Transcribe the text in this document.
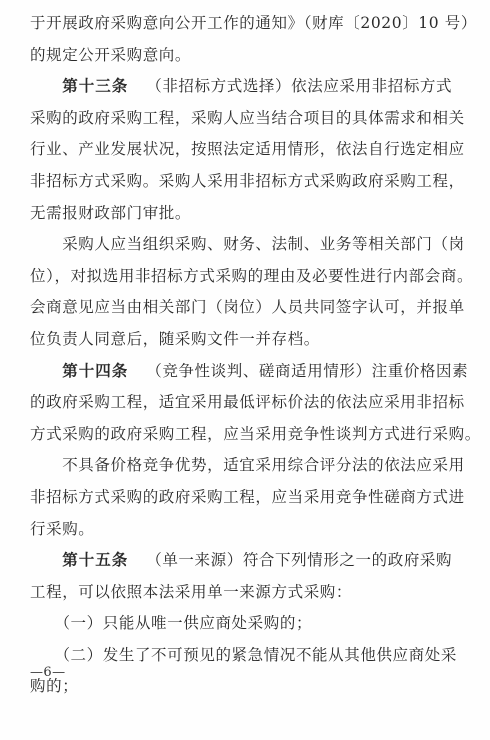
于开展政府采购意向公开工作的通知》（财库〔2020〕10 号）
的规定公开采购意向。
　　第十三条 （非招标方式选择）依法应采用非招标方式
采购的政府采购工程，采购人应当结合项目的具体需求和相关
行业、产业发展状况，按照法定适用情形，依法自行选定相应
非招标方式采购。采购人采用非招标方式采购政府采购工程，
无需报财政部门审批。
　　采购人应当组织采购、财务、法制、业务等相关部门（岗
位），对拟选用非招标方式采购的理由及必要性进行内部会商。
会商意见应当由相关部门（岗位）人员共同签字认可，并报单
位负责人同意后，随采购文件一并存档。
　　第十四条 （竞争性谈判、磋商适用情形）注重价格因素
的政府采购工程，适宜采用最低评标价法的依法应采用非招标
方式采购的政府采购工程，应当采用竞争性谈判方式进行采购。
　　不具备价格竞争优势，适宜采用综合评分法的依法应采用
非招标方式采购的政府采购工程，应当采用竞争性磋商方式进
行采购。
　　第十五条 （单一来源）符合下列情形之一的政府采购
工程，可以依照本法采用单一来源方式采购：
　　（一）只能从唯一供应商处采购的；
　　（二）发生了不可预见的紧急情况不能从其他供应商处采
购的；
—6—
